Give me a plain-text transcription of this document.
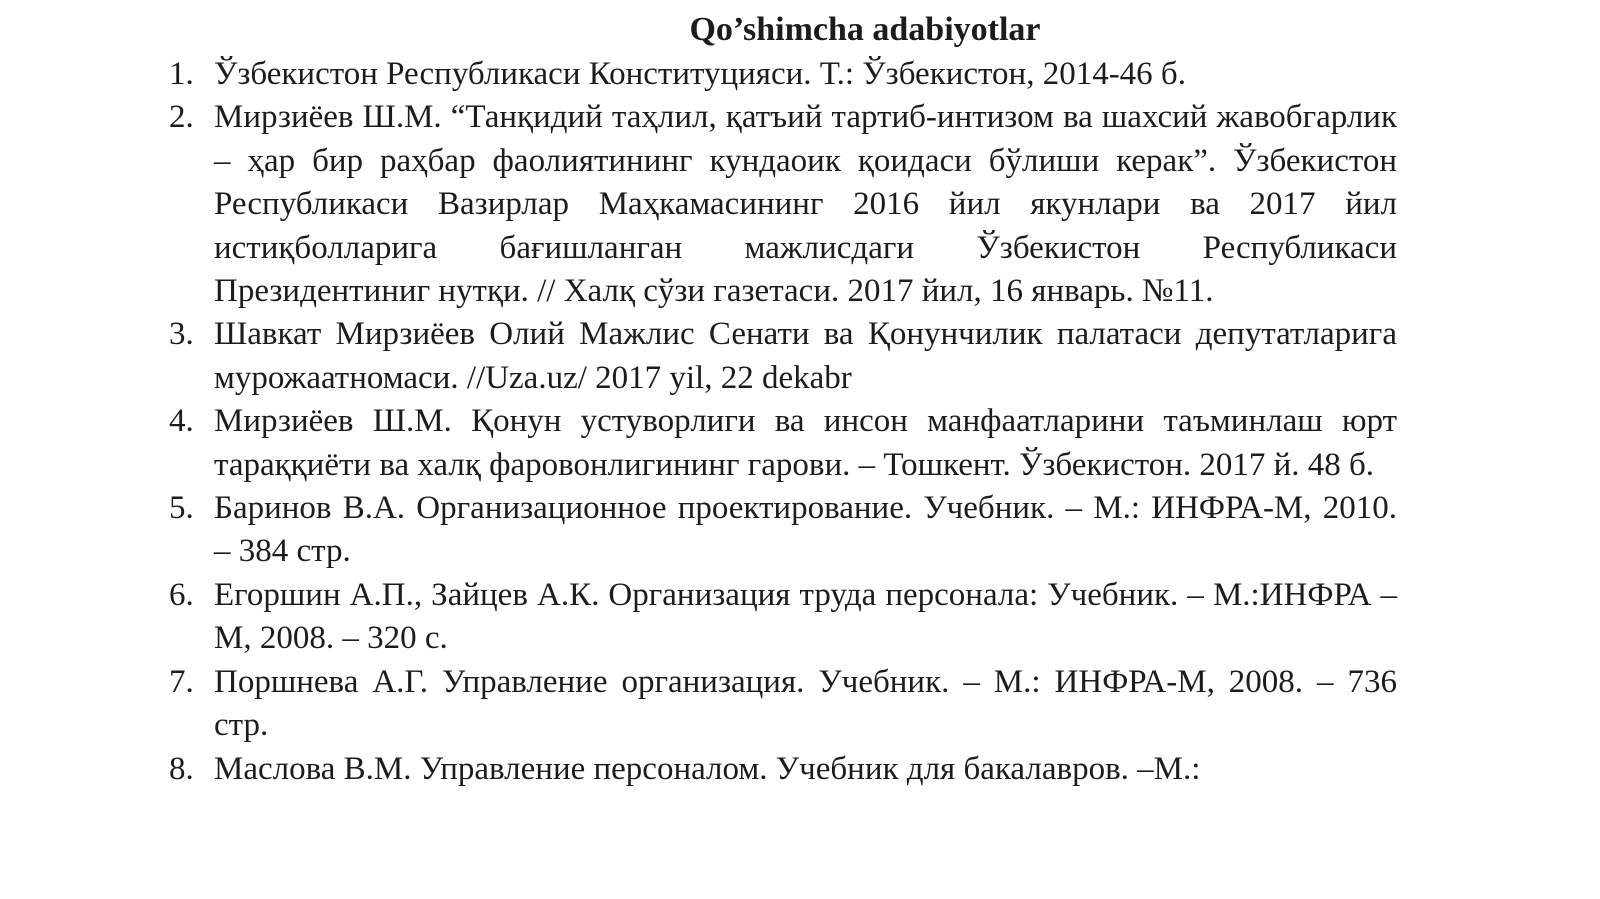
Qo’shimcha adabiyotlar
1. Ўзбекистон Республикаси Конституцияси. Т.: Ўзбекистон, 2014-46 б.
2. Мирзиёев Ш.М. “Танқидий таҳлил, қатъий тартиб-интизом ва шахсий жавобгарлик – ҳар бир раҳбар фаолиятининг кундаоик қоидаси бўлиши керак”. Ўзбекистон Республикаси Вазирлар Маҳкамасининг 2016 йил якунлари ва 2017 йил истиқболларига бағишланган мажлисдаги Ўзбекистон Республикаси Президентиниг нутқи. // Халқ сўзи газетаси. 2017 йил, 16 январь. №11.
3. Шавкат Мирзиёев Олий Мажлис Сенати ва Қонунчилик палатаси депутатларига мурожаатномаси. //Uza.uz/ 2017 yil, 22 dekabr
4. Мирзиёев Ш.М. Қонун устуворлиги ва инсон манфаатларини таъминлаш юрт тараққиёти ва халқ фаровонлигининг гарови. – Тошкент. Ўзбекистон. 2017 й. 48 б.
5. Баринов В.А. Организационное проектирование. Учебник. – М.: ИНФРА-М, 2010. – 384 стр.
6. Егоршин А.П., Зайцев А.К. Организация труда персонала: Учебник. – М.:ИНФРА – М, 2008. – 320 с.
7. Поршнева А.Г. Управление организация. Учебник. – М.: ИНФРА-М, 2008. – 736 стр.
8. Маслова В.М. Управление персоналом. Учебник для бакалавров. –М.:
